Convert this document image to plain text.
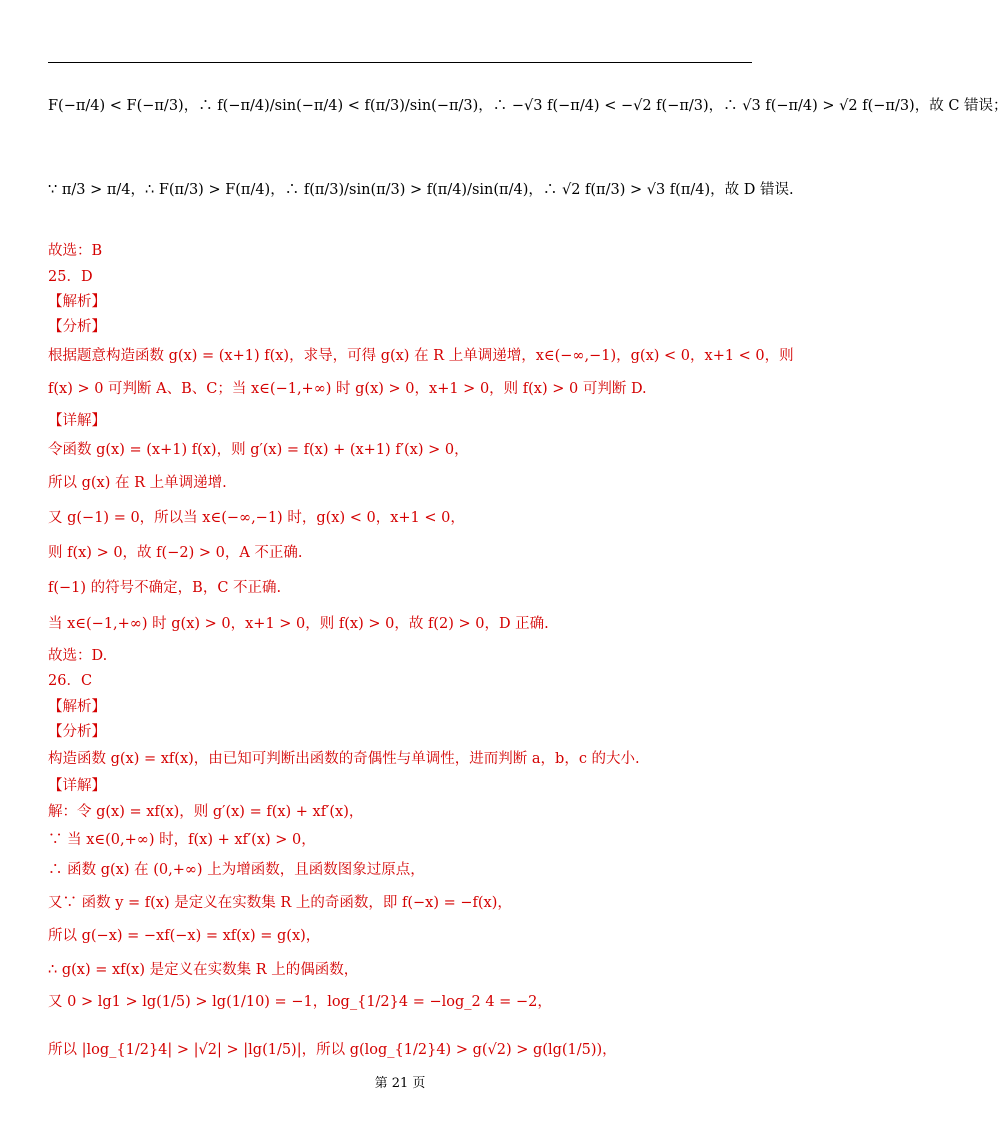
F(−π/4) < F(−π/3)，∴ f(−π/4)/sin(−π/4) < f(π/3)/sin(−π/3)，∴ −√3 f(−π/4) < −√2 f(−π/3)，∴ √3 f(−π/4) > √2 f(−π/3)，故 C 错误；
∵ π/3 > π/4，∴ F(π/3) > F(π/4)，∴ f(π/3)/sin(π/3) > f(π/4)/sin(π/4)，∴ √2 f(π/3) > √3 f(π/4)，故 D 错误.
故选：B
25．D
【解析】
【分析】
根据题意构造函数 g(x) = (x+1) f(x)，求导，可得 g(x) 在 R 上单调递增，x∈(−∞,−1)，g(x) < 0，x+1 < 0，则
f(x) > 0 可判断 A、B、C；当 x∈(−1,+∞) 时 g(x) > 0，x+1 > 0，则 f(x) > 0 可判断 D.
【详解】
令函数 g(x) = (x+1) f(x)，则 g′(x) = f(x) + (x+1) f′(x) > 0，
所以 g(x) 在 R 上单调递增.
又 g(−1) = 0，所以当 x∈(−∞,−1) 时，g(x) < 0，x+1 < 0，
则 f(x) > 0，故 f(−2) > 0，A 不正确.
f(−1) 的符号不确定，B，C 不正确.
当 x∈(−1,+∞) 时 g(x) > 0，x+1 > 0，则 f(x) > 0，故 f(2) > 0，D 正确.
故选：D.
26．C
【解析】
【分析】
构造函数 g(x) = xf(x)，由已知可判断出函数的奇偶性与单调性，进而判断 a，b，c 的大小.
【详解】
解：令 g(x) = xf(x)，则 g′(x) = f(x) + xf′(x)，
∵ 当 x∈(0,+∞) 时，f(x) + xf′(x) > 0，
∴ 函数 g(x) 在 (0,+∞) 上为增函数，且函数图象过原点，
又∵ 函数 y = f(x) 是定义在实数集 R 上的奇函数，即 f(−x) = −f(x)，
所以 g(−x) = −xf(−x) = xf(x) = g(x)，
∴ g(x) = xf(x) 是定义在实数集 R 上的偶函数，
又 0 > lg1 > lg(1/5) > lg(1/10) = −1，log_{1/2}4 = −log_2 4 = −2，
所以 |log_{1/2}4| > |√2| > |lg(1/5)|，所以 g(log_{1/2}4) > g(√2) > g(lg(1/5))，
第 21 页
